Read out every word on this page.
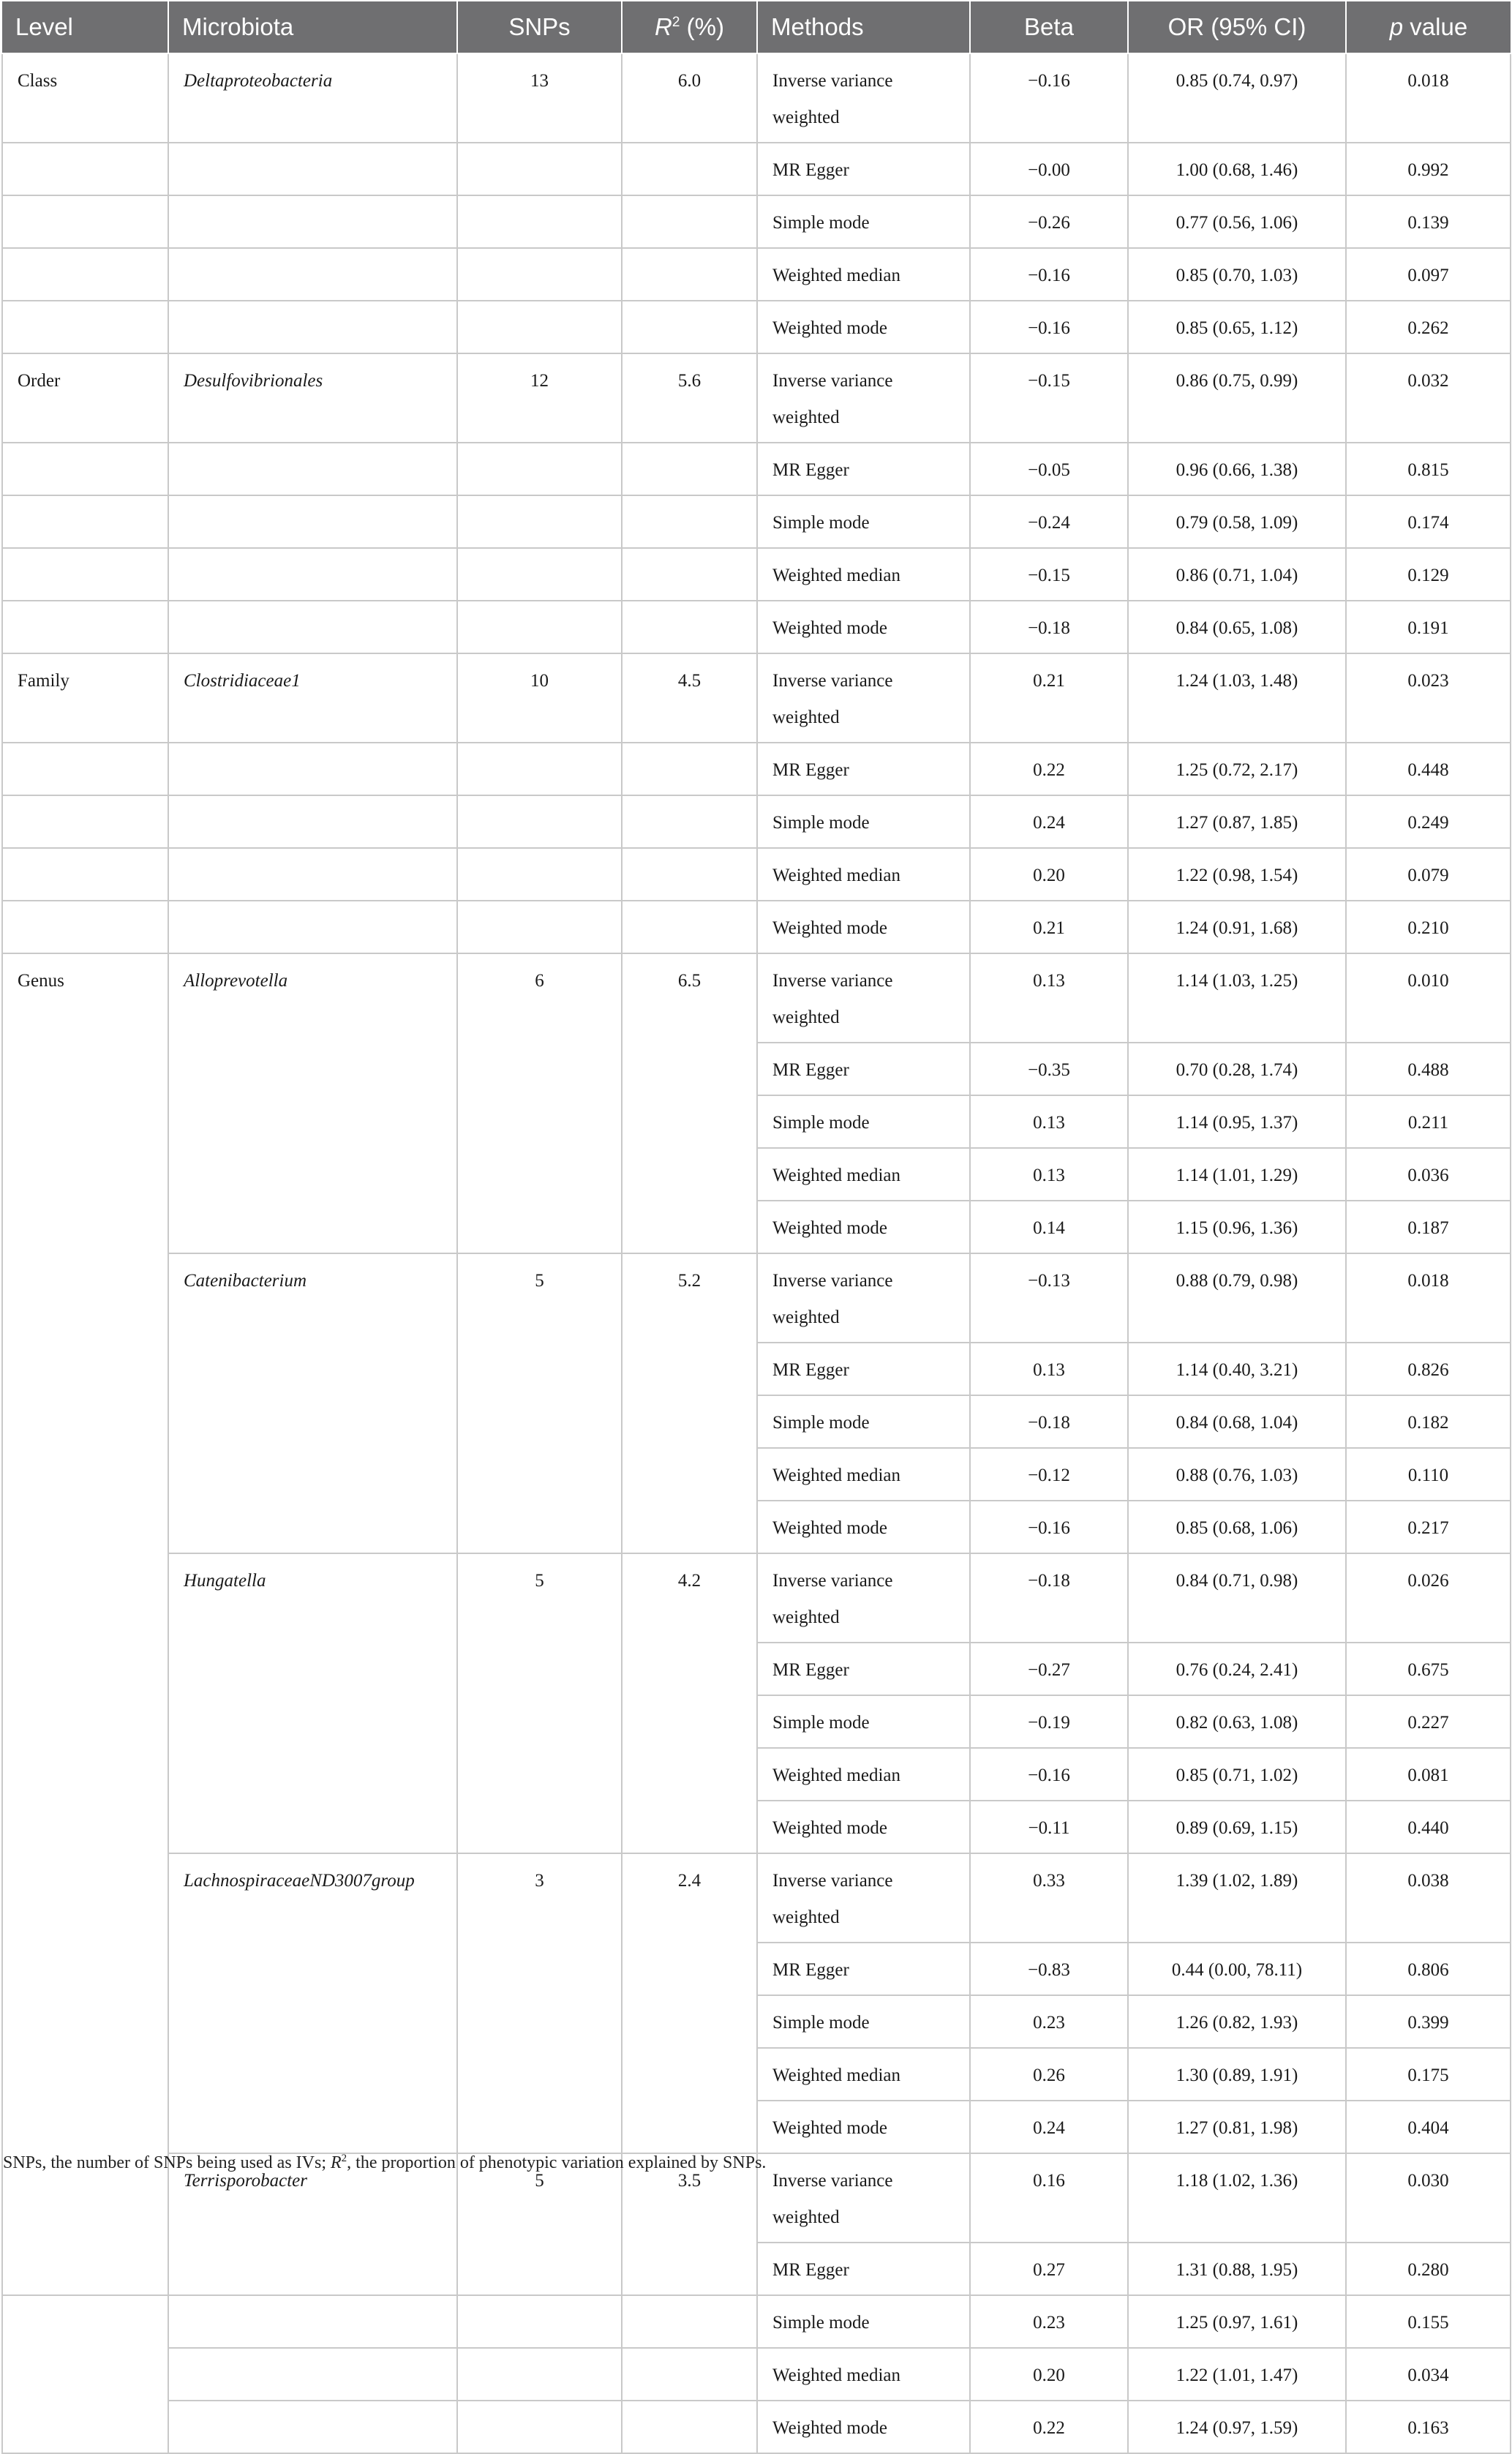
Level	Microbiota	SNPs	$R^2$ (%)	Methods	Beta	OR (95% CI)	p value
Class	Deltaproteobacteria	13	6.0	Inverse variance weighted	−0.16	0.85 (0.74, 0.97)	0.018
				MR Egger	−0.00	1.00 (0.68, 1.46)	0.992
				Simple mode	−0.26	0.77 (0.56, 1.06)	0.139
				Weighted median	−0.16	0.85 (0.70, 1.03)	0.097
				Weighted mode	−0.16	0.85 (0.65, 1.12)	0.262
Order	Desulfovibrionales	12	5.6	Inverse variance weighted	−0.15	0.86 (0.75, 0.99)	0.032
				MR Egger	−0.05	0.96 (0.66, 1.38)	0.815
				Simple mode	−0.24	0.79 (0.58, 1.09)	0.174
				Weighted median	−0.15	0.86 (0.71, 1.04)	0.129
				Weighted mode	−0.18	0.84 (0.65, 1.08)	0.191
Family	Clostridiaceae1	10	4.5	Inverse variance weighted	0.21	1.24 (1.03, 1.48)	0.023
				MR Egger	0.22	1.25 (0.72, 2.17)	0.448
				Simple mode	0.24	1.27 (0.87, 1.85)	0.249
				Weighted median	0.20	1.22 (0.98, 1.54)	0.079
				Weighted mode	0.21	1.24 (0.91, 1.68)	0.210
Genus	Alloprevotella	6	6.5	Inverse variance weighted	0.13	1.14 (1.03, 1.25)	0.010
				MR Egger	−0.35	0.70 (0.28, 1.74)	0.488
				Simple mode	0.13	1.14 (0.95, 1.37)	0.211
				Weighted median	0.13	1.14 (1.01, 1.29)	0.036
				Weighted mode	0.14	1.15 (0.96, 1.36)	0.187
	Catenibacterium	5	5.2	Inverse variance weighted	−0.13	0.88 (0.79, 0.98)	0.018
				MR Egger	0.13	1.14 (0.40, 3.21)	0.826
				Simple mode	−0.18	0.84 (0.68, 1.04)	0.182
				Weighted median	−0.12	0.88 (0.76, 1.03)	0.110
				Weighted mode	−0.16	0.85 (0.68, 1.06)	0.217
	Hungatella	5	4.2	Inverse variance weighted	−0.18	0.84 (0.71, 0.98)	0.026
				MR Egger	−0.27	0.76 (0.24, 2.41)	0.675
				Simple mode	−0.19	0.82 (0.63, 1.08)	0.227
				Weighted median	−0.16	0.85 (0.71, 1.02)	0.081
				Weighted mode	−0.11	0.89 (0.69, 1.15)	0.440
	LachnospiraceaeND3007group	3	2.4	Inverse variance weighted	0.33	1.39 (1.02, 1.89)	0.038
				MR Egger	−0.83	0.44 (0.00, 78.11)	0.806
				Simple mode	0.23	1.26 (0.82, 1.93)	0.399
				Weighted median	0.26	1.30 (0.89, 1.91)	0.175
				Weighted mode	0.24	1.27 (0.81, 1.98)	0.404
	Terrisporobacter	5	3.5	Inverse variance weighted	0.16	1.18 (1.02, 1.36)	0.030
				MR Egger	0.27	1.31 (0.88, 1.95)	0.280
				Simple mode	0.23	1.25 (0.97, 1.61)	0.155
				Weighted median	0.20	1.22 (1.01, 1.47)	0.034
				Weighted mode	0.22	1.24 (0.97, 1.59)	0.163
SNPs, the number of SNPs being used as IVs; $R^2$, the proportion of phenotypic variation explained by SNPs.
